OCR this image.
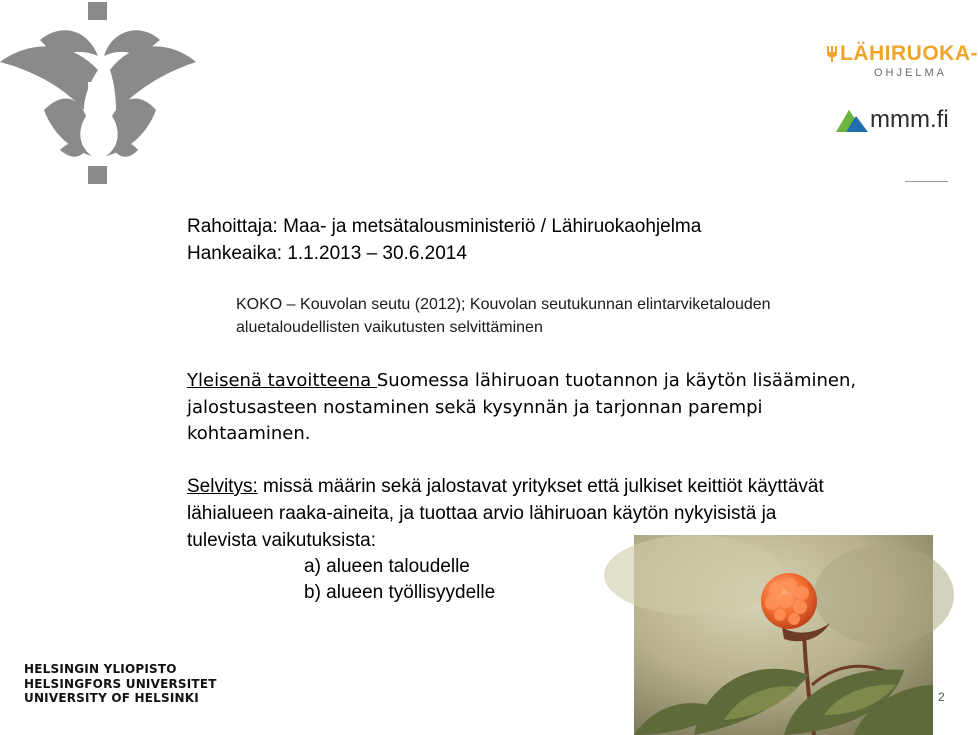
LÄHIRUOKA-
OHJELMA
mmm.fi
Rahoittaja: Maa- ja metsätalousministeriö / Lähiruokaohjelma
Hankeaika: 1.1.2013 – 30.6.2014
KOKO – Kouvolan seutu (2012); Kouvolan seutukunnan elintarviketalouden
aluetaloudellisten vaikutusten selvittäminen
Yleisenä tavoitteena Suomessa lähiruoan tuotannon ja käytön lisääminen,
jalostusasteen nostaminen sekä kysynnän ja tarjonnan parempi
kohtaaminen.
Selvitys: missä määrin sekä jalostavat yritykset että julkiset keittiöt käyttävät
lähialueen raaka-aineita, ja tuottaa arvio lähiruoan käytön nykyisistä ja
tulevista vaikutuksista:
a) alueen taloudelle
b) alueen työllisyydelle
HELSINGIN YLIOPISTO
HELSINGFORS UNIVERSITET
UNIVERSITY OF HELSINKI	2
